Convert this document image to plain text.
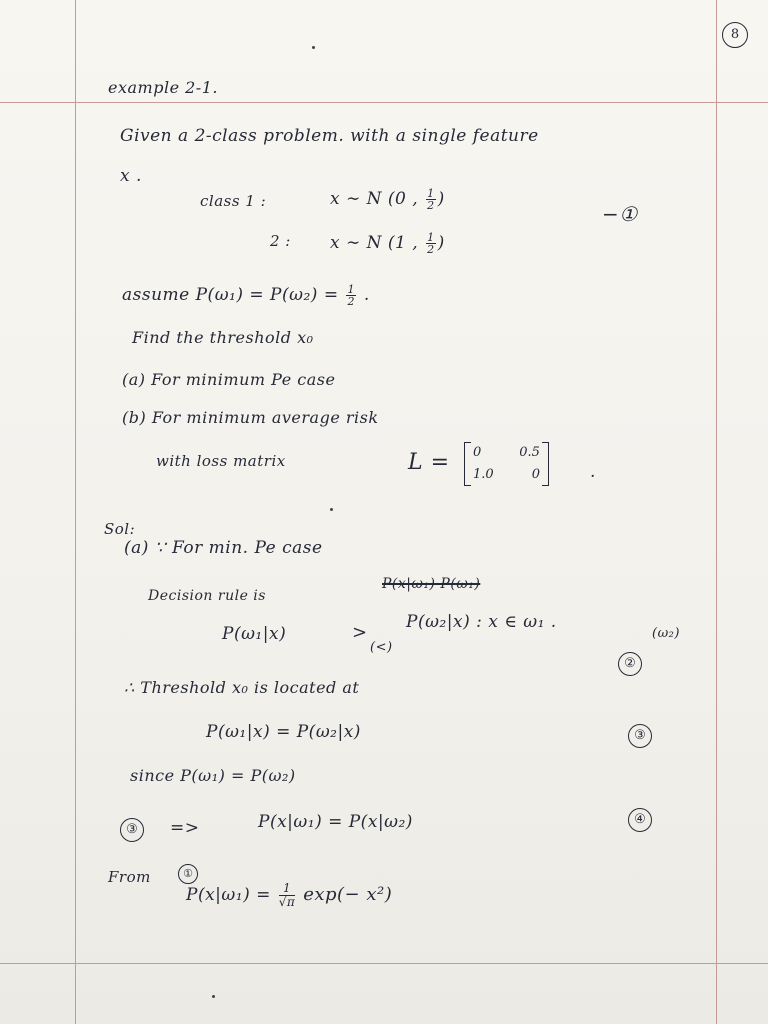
8
example 2-1.
Given a 2-class problem. with a single feature
x .
class 1 :	x ∼ N (0 , $\frac{1}{2}$ )
−①
2 : x ∼ N (1 , $\frac{1}{2}$ )
assume $P(\omega_1) = P(\omega_2) = \frac{1}{2}$ .
Find the threshold x₀
(a) For minimum Pe case
(b) For minimum average risk
with loss matrix	L = 0	0.5
1.0	0	.
Sol:
(a) ∵ For min. Pe case
Decision rule is
P(x|ω₁) P(ω₁)
P(ω₁|x)	>
(<)
P(ω₂|x) : x ∈ ω₁ .
(ω₂)
②
∴ Threshold x₀ is located at
P(ω₁|x) = P(ω₂|x)	③
since P(ω₁) = P(ω₂)
③	=>	P(x|ω₁) = P(x|ω₂)	④
From	①
$P(x|\omega_1) = \frac{1}{√\pi} \exp(- x^2)$
